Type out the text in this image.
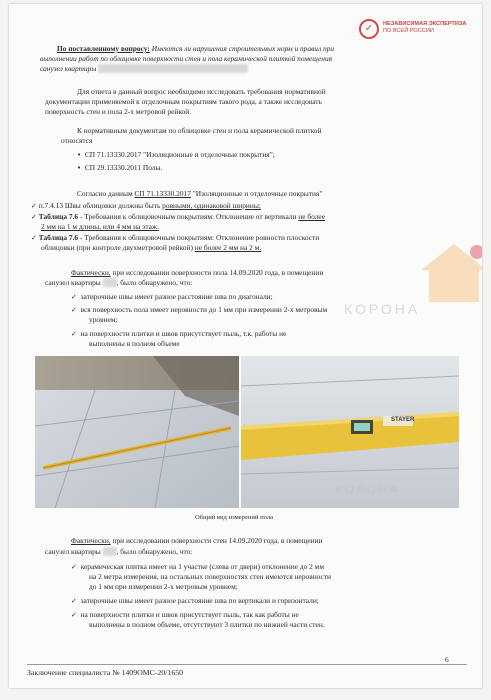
✓	НЕЗАВИСИМАЯ ЭКСПЕРТИЗА
ПО ВСЕЙ РОССИИ
По поставленному вопросу: Имеются ли нарушения строительных норм и правил при
выполнении работ по облицовке поверхности стен и пола керамической плиткой помещения
санузел квартиры
Для ответа в данный вопрос необходимо исследовать требования нормативной
документации применяемой к отделочным покрытиям такого рода, а также исследовать
поверхность стен и пола 2-х метровой рейкой.
К нормативным документам по облицовке стен и пола керамической плиткой
относятся
• СП 71.13330.2017 "Изоляционные и отделочные покрытия";
• СП 29.13330.2011 Полы.
Согласно данным СП 71.13330.2017 "Изоляционные и отделочные покрытия"
✓ п.7.4.13 Швы облицовки должны быть ровными, одинаковой ширины;
✓ Таблица 7.6 - Требования к облицовочным покрытиям: Отклонение от вертикали не более
2 мм на 1 м длины, или 4 мм на этаж.
✓ Таблица 7.6 - Требования к облицовочным покрытиям: Отклонение ровности плоскости
облицовки (при контроле двухметровой рейкой) не более 2 мм на 2 м.
КОРОНА
Фактически, при исследовании поверхности пола 14.09.2020 года, в помещении
санузел квартиры , было обнаружено, что:
✓ затирочные швы имеет разное расстояние шва по диагонали;
✓ вся поверхность пола имеет неровности до 1 мм при измерении 2-х метровым
уровнем;
✓ на поверхности плитки и швов присутствует пыль, т.к. работы не
выполнены в полном объеме
STAYER
КОРОНА
Общий вид измерений пола
Фактически, при исследовании поверхности стен 14.09.2020 года, в помещении
санузел квартиры , было обнаружено, что:
✓ керамическая плитка имеет на 1 участке (слева от двери) отклонение до 2 мм
на 2 метра измерения, на остальных поверхностях стен имеются неровности
до 1 мм при измерении 2-х метровым уровнем;
✓ затирочные швы имеет разное расстояние шва по вертикали и горизонтали;
✓ на поверхности плитки и швов присутствует пыль, так как работы не
выполнены в полном объеме, отсутствуют 3 плитки по нижней части стен.
6
Заключение специалиста № 1409ОМС-20/1650
